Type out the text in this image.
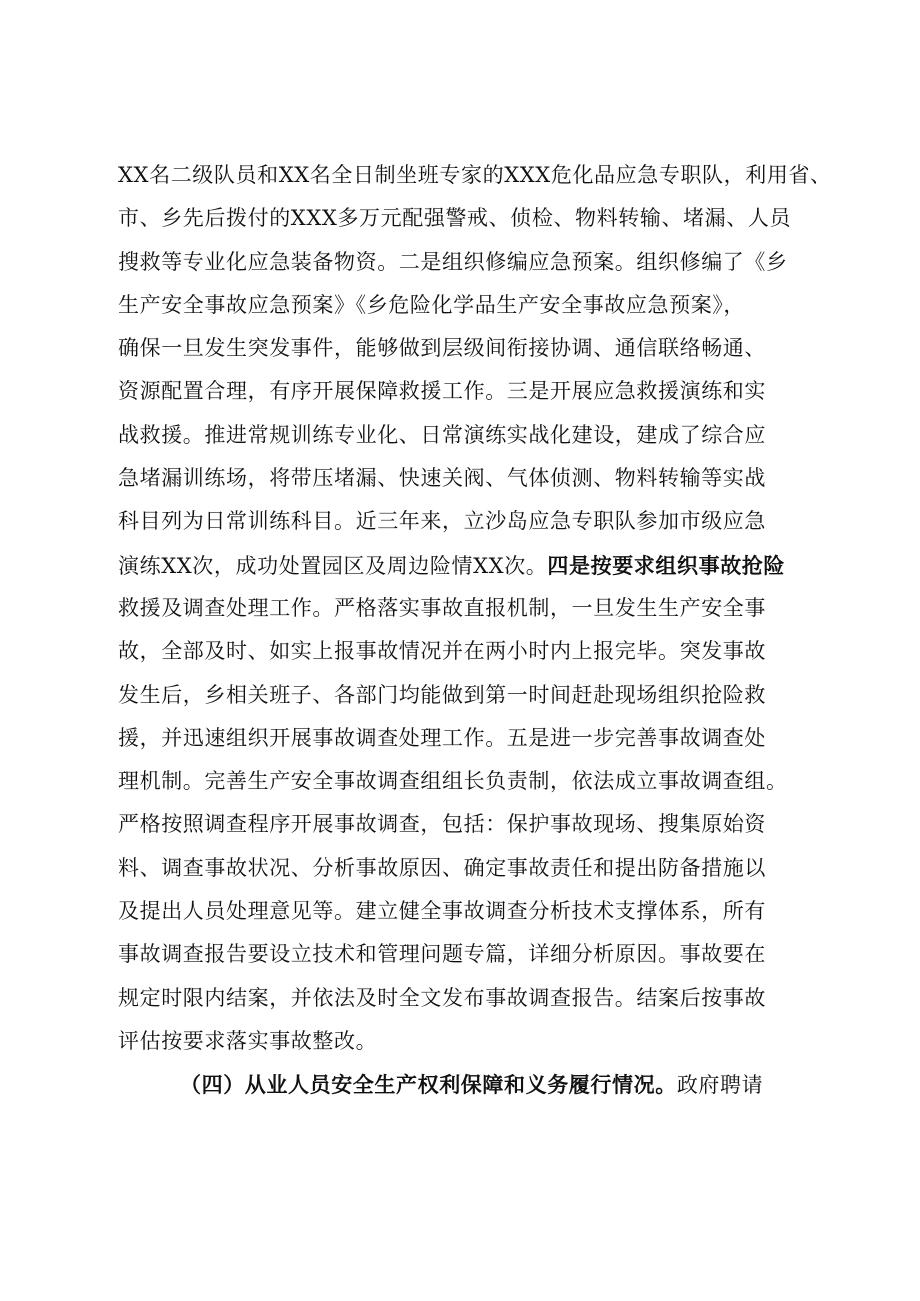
XX名二级队员和XX名全日制坐班专家的XXX危化品应急专职队，利用省、
市、乡先后拨付的XXX多万元配强警戒、侦检、物料转输、堵漏、人员
搜救等专业化应急装备物资。二是组织修编应急预案。组织修编了《乡
生产安全事故应急预案》《乡危险化学品生产安全事故应急预案》，
确保一旦发生突发事件，能够做到层级间衔接协调、通信联络畅通、
资源配置合理，有序开展保障救援工作。三是开展应急救援演练和实
战救援。推进常规训练专业化、日常演练实战化建设，建成了综合应
急堵漏训练场，将带压堵漏、快速关阀、气体侦测、物料转输等实战
科目列为日常训练科目。近三年来，立沙岛应急专职队参加市级应急
演练XX次，成功处置园区及周边险情XX次。四是按要求组织事故抢险
救援及调查处理工作。严格落实事故直报机制，一旦发生生产安全事
故，全部及时、如实上报事故情况并在两小时内上报完毕。突发事故
发生后，乡相关班子、各部门均能做到第一时间赶赴现场组织抢险救
援，并迅速组织开展事故调查处理工作。五是进一步完善事故调查处
理机制。完善生产安全事故调查组组长负责制，依法成立事故调查组。
严格按照调查程序开展事故调查，包括：保护事故现场、搜集原始资
料、调查事故状况、分析事故原因、确定事故责任和提出防备措施以
及提出人员处理意见等。建立健全事故调查分析技术支撑体系，所有
事故调查报告要设立技术和管理问题专篇，详细分析原因。事故要在
规定时限内结案，并依法及时全文发布事故调查报告。结案后按事故
评估按要求落实事故整改。
（四）从业人员安全生产权利保障和义务履行情况。政府聘请
